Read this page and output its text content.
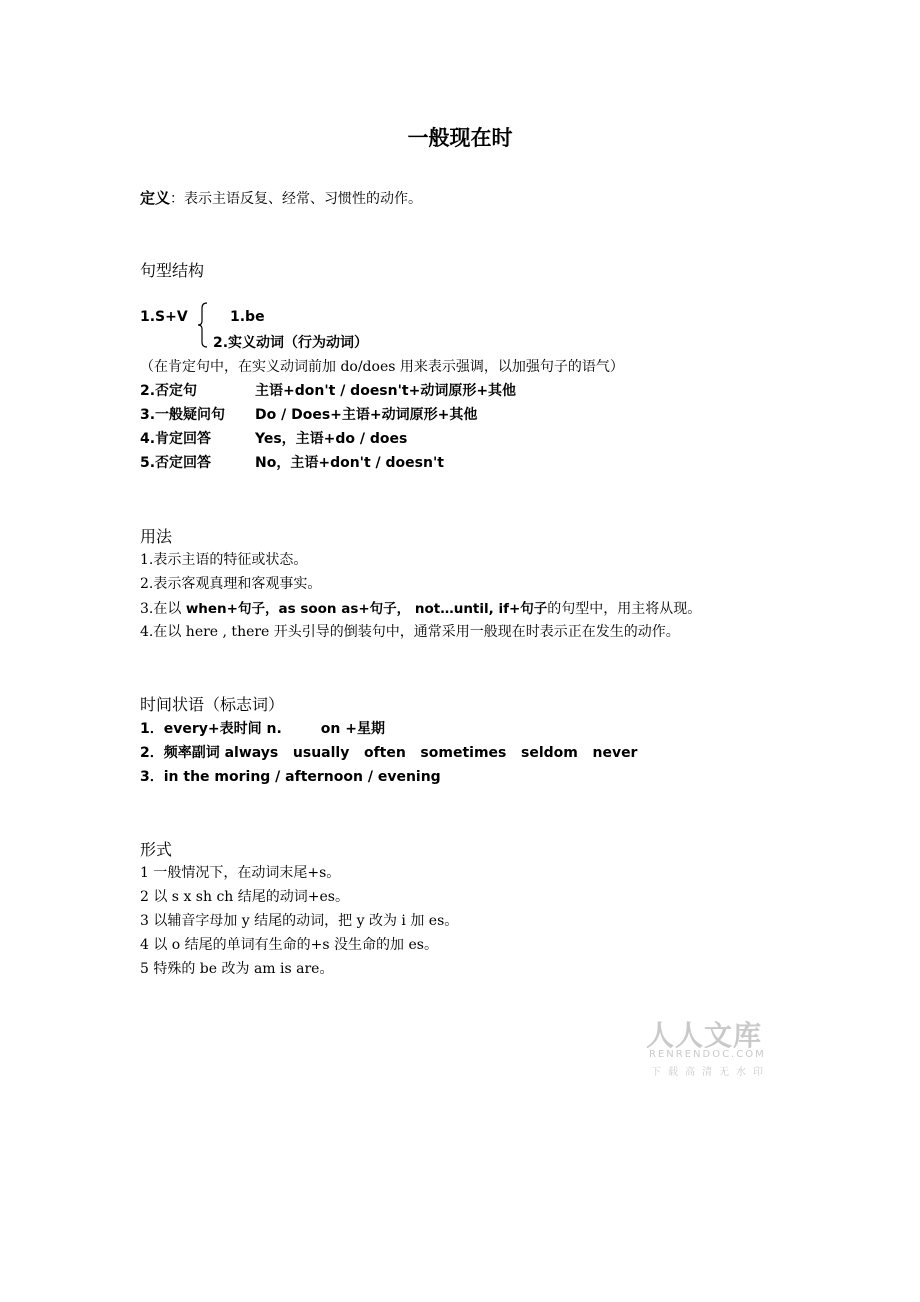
一般现在时
定义：表示主语反复、经常、习惯性的动作。
句型结构
1.S+V	1.be
2.实义动词（行为动词）
（在肯定句中，在实义动词前加 do/does 用来表示强调，以加强句子的语气）
2.否定句	主语+don't / doesn't+动词原形+其他
3.一般疑问句 Do / Does+主语+动词原形+其他
4.肯定回答	Yes，主语+do / does
5.否定回答	No，主语+don't / doesn't
用法
1.表示主语的特征或状态。
2.表示客观真理和客观事实。
3.在以 when+句子，as soon as+句子， not…until, if+句子的句型中，用主将从现。
4.在以 here , there 开头引导的倒装句中，通常采用一般现在时表示正在发生的动作。
时间状语（标志词）
1．every+表时间 n.        on +星期
2．频率副词 always   usually   often   sometimes   seldom   never
3．in the moring / afternoon / evening
形式
1 一般情况下，在动词末尾+s。
2 以 s x sh ch 结尾的动词+es。
3 以辅音字母加 y 结尾的动词，把 y 改为 i 加 es。
4 以 o 结尾的单词有生命的+s 没生命的加 es。
5 特殊的 be 改为 am is are。
人人文库
RENRENDOC.COM
下载高清无水印
